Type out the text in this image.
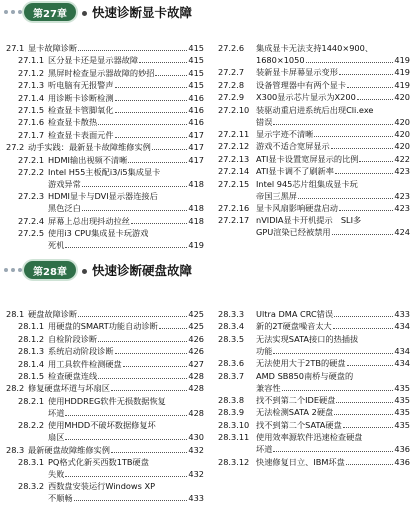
第27章	快速诊断显卡故障
27.1 显卡故障诊断	415
27.1.1 区分显卡还是显示器故障	415
27.1.2 黑屏时检查显示器故障的妙招	415
27.1.3 听电脑有无报警声	415
27.1.4 用诊断卡诊断检测	416
27.1.5 检查显卡管脚氧化	416
27.1.6 检查显卡散热	416
27.1.7 检查显卡表面元件	417
27.2 动手实践：最新显卡故障维修实例	417
27.2.1 HDMI输出视频不清晰	417
27.2.2 Intel H55主板配i3/i5集成显卡
游戏异常	418
27.2.3 HDMI显卡与DVI显示器连接后
黑色泛白	418
27.2.4 屏幕上总出现抖动拉丝	418
27.2.5 使用i3 CPU集成显卡玩游戏
死机	419
27.2.6	集成显卡无法支持1440×900、
1680×1050	419
27.2.7	装新显卡屏幕显示变形	419
27.2.8	设备管理器中有两个显卡	419
27.2.9	X300显示芯片显示为X200	420
27.2.10 装驱动重启进系统后出现Cli.exe
错误	420
27.2.11 显示字迹不清晰	420
27.2.12 游戏不适合宽屏显示	420
27.2.13 ATI显卡设置宽屏显示的比例	422
27.2.14 ATI显卡调不了刷新率	423
27.2.15 Intel 945芯片组集成显卡玩
帝国三黑屏	423
27.2.16 显卡风扇影响硬盘启动	423
27.2.17 nVIDIA显卡开机提示　SLI多
GPU渲染已经被禁用	424
第28章	快速诊断硬盘故障
28.1 硬盘故障诊断	425
28.1.1 用硬盘的SMART功能自动诊断	425
28.1.2 自检阶段诊断	426
28.1.3 系统启动阶段诊断	426
28.1.4 用工具软件检测硬盘	427
28.1.5 检查硬盘连线	428
28.2 修复硬盘坏道与坏扇区	428
28.2.1 使用HDDREG软件无损数据恢复
坏道	428
28.2.2 使用MHDD不破坏数据修复坏
扇区	430
28.3 最新硬盘故障维修实例	432
28.3.1 PQ格式化新买西数1TB硬盘
失败	432
28.3.2 西数盘安装运行Windows XP
不顺畅	433
28.3.3	Ultra DMA CRC错误	433
28.3.4	新的2T硬盘噪音太大	434
28.3.5	无法实现SATA接口的热插拔
功能	434
28.3.6	无法使用大于2TB的硬盘	434
28.3.7	AMD SB850南桥与硬盘的
兼容性	435
28.3.8	找不到第二个IDE硬盘	435
28.3.9	无法检测SATA 2硬盘	435
28.3.10 找不到第二个SATA硬盘	435
28.3.11 使用效率源软件迅速检查硬盘
坏道	436
28.3.12 快速修复日立、IBM坏盘	436
